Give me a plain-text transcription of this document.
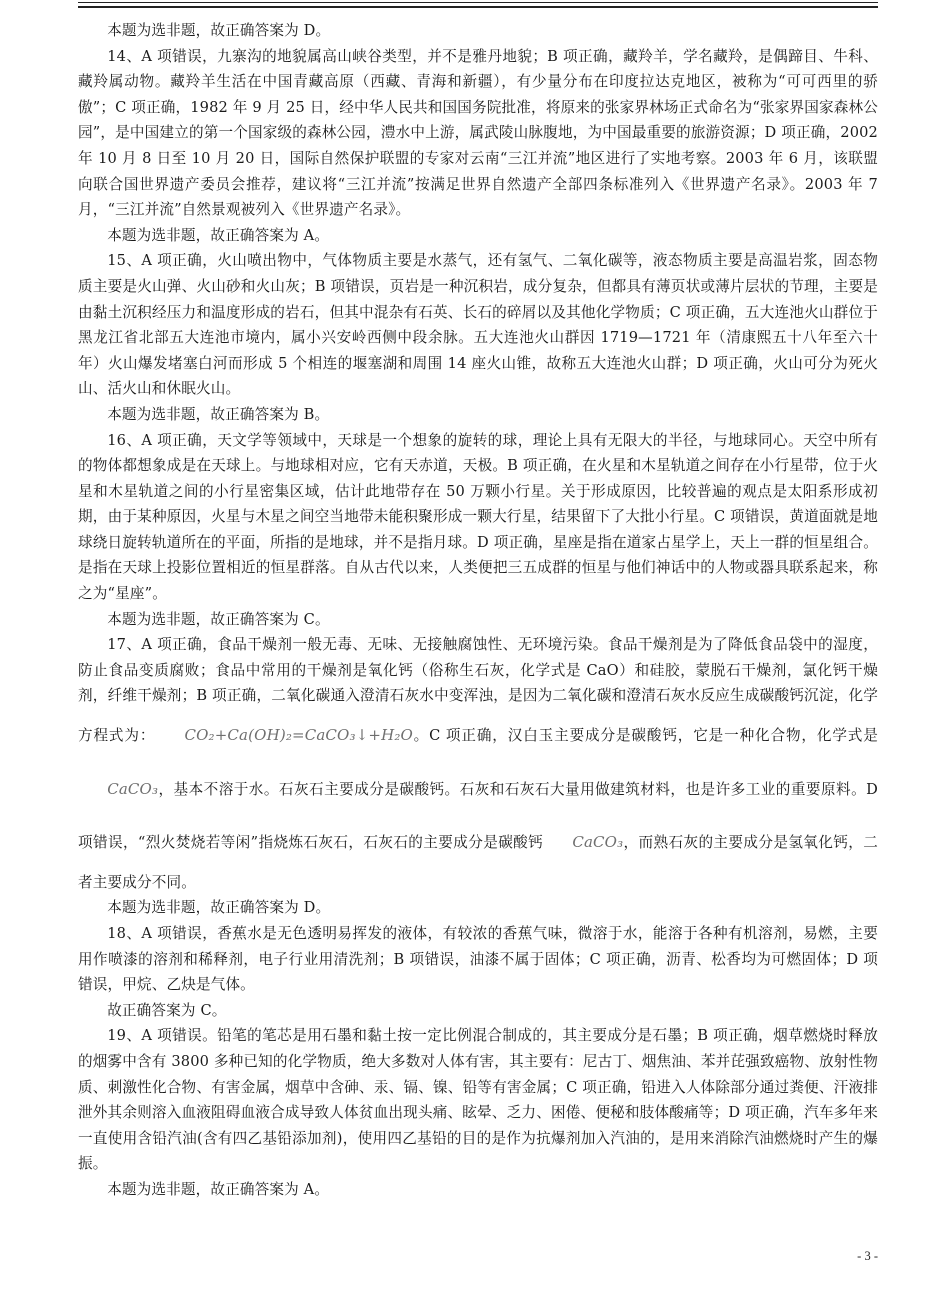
本题为选非题，故正确答案为 D。

14、A 项错误，九寨沟的地貌属高山峡谷类型，并不是雅丹地貌；B 项正确，藏羚羊，学名藏羚，是偶蹄目、牛科、藏羚属动物。藏羚羊生活在中国青藏高原（西藏、青海和新疆），有少量分布在印度拉达克地区，被称为“可可西里的骄傲”；C 项正确，1982 年 9 月 25 日，经中华人民共和国国务院批准，将原来的张家界林场正式命名为“张家界国家森林公园”，是中国建立的第一个国家级的森林公园，澧水中上游，属武陵山脉腹地，为中国最重要的旅游资源；D 项正确，2002 年 10 月 8 日至 10 月 20 日，国际自然保护联盟的专家对云南“三江并流”地区进行了实地考察。2003 年 6 月，该联盟向联合国世界遗产委员会推荐，建议将“三江并流”按满足世界自然遗产全部四条标准列入《世界遗产名录》。2003 年 7 月，“三江并流”自然景观被列入《世界遗产名录》。

本题为选非题，故正确答案为 A。

15、A 项正确，火山喷出物中，气体物质主要是水蒸气，还有氢气、二氧化碳等，液态物质主要是高温岩浆，固态物质主要是火山弹、火山砂和火山灰；B 项错误，页岩是一种沉积岩，成分复杂，但都具有薄页状或薄片层状的节理，主要是由黏土沉积经压力和温度形成的岩石，但其中混杂有石英、长石的碎屑以及其他化学物质；C 项正确，五大连池火山群位于黑龙江省北部五大连池市境内，属小兴安岭西侧中段余脉。五大连池火山群因 1719—1721 年（清康熙五十八年至六十年）火山爆发堵塞白河而形成 5 个相连的堰塞湖和周围 14 座火山锥，故称五大连池火山群；D 项正确，火山可分为死火山、活火山和休眠火山。

本题为选非题，故正确答案为 B。

16、A 项正确，天文学等领域中，天球是一个想象的旋转的球，理论上具有无限大的半径，与地球同心。天空中所有的物体都想象成是在天球上。与地球相对应，它有天赤道，天极。B 项正确，在火星和木星轨道之间存在小行星带，位于火星和木星轨道之间的小行星密集区域，估计此地带存在 50 万颗小行星。关于形成原因，比较普遍的观点是太阳系形成初期，由于某种原因，火星与木星之间空当地带未能积聚形成一颗大行星，结果留下了大批小行星。C 项错误，黄道面就是地球绕日旋转轨道所在的平面，所指的是地球，并不是指月球。D 项正确，星座是指在道家占星学上，天上一群的恒星组合。是指在天球上投影位置相近的恒星群落。自从古代以来，人类便把三五成群的恒星与他们神话中的人物或器具联系起来，称之为“星座”。

本题为选非题，故正确答案为 C。

17、A 项正确，食品干燥剂一般无毒、无味、无接触腐蚀性、无环境污染。食品干燥剂是为了降低食品袋中的湿度，防止食品变质腐败；食品中常用的干燥剂是氧化钙（俗称生石灰，化学式是 CaO）和硅胶，蒙脱石干燥剂，氯化钙干燥剂，纤维干燥剂；B 项正确，二氧化碳通入澄清石灰水中变浑浊，是因为二氧化碳和澄清石灰水反应生成碳酸钙沉淀，化学方程式为： CO₂+Ca(OH)₂=CaCO₃↓+H₂O。C 项正确，汉白玉主要成分是碳酸钙，它是一种化合物，化学式是CaCO₃，基本不溶于水。石灰石主要成分是碳酸钙。石灰和石灰石大量用做建筑材料，也是许多工业的重要原料。D 项错误，“烈火焚烧若等闲”指烧炼石灰石，石灰石的主要成分是碳酸钙 CaCO₃，而熟石灰的主要成分是氢氧化钙，二者主要成分不同。

本题为选非题，故正确答案为 D。

18、A 项错误，香蕉水是无色透明易挥发的液体，有较浓的香蕉气味，微溶于水，能溶于各种有机溶剂，易燃，主要用作喷漆的溶剂和稀释剂，电子行业用清洗剂；B 项错误，油漆不属于固体；C 项正确，沥青、松香均为可燃固体；D 项错误，甲烷、乙炔是气体。

故正确答案为 C。

19、A 项错误。铅笔的笔芯是用石墨和黏土按一定比例混合制成的，其主要成分是石墨；B 项正确，烟草燃烧时释放的烟雾中含有 3800 多种已知的化学物质，绝大多数对人体有害，其主要有：尼古丁、烟焦油、苯并芘强致癌物、放射性物质、刺激性化合物、有害金属，烟草中含砷、汞、镉、镍、铅等有害金属；C 项正确，铅进入人体除部分通过粪便、汗液排泄外其余则溶入血液阻碍血液合成导致人体贫血出现头痛、眩晕、乏力、困倦、便秘和肢体酸痛等；D 项正确，汽车多年来一直使用含铅汽油(含有四乙基铅添加剂)，使用四乙基铅的目的是作为抗爆剂加入汽油的，是用来消除汽油燃烧时产生的爆振。

本题为选非题，故正确答案为 A。

- 3 -
